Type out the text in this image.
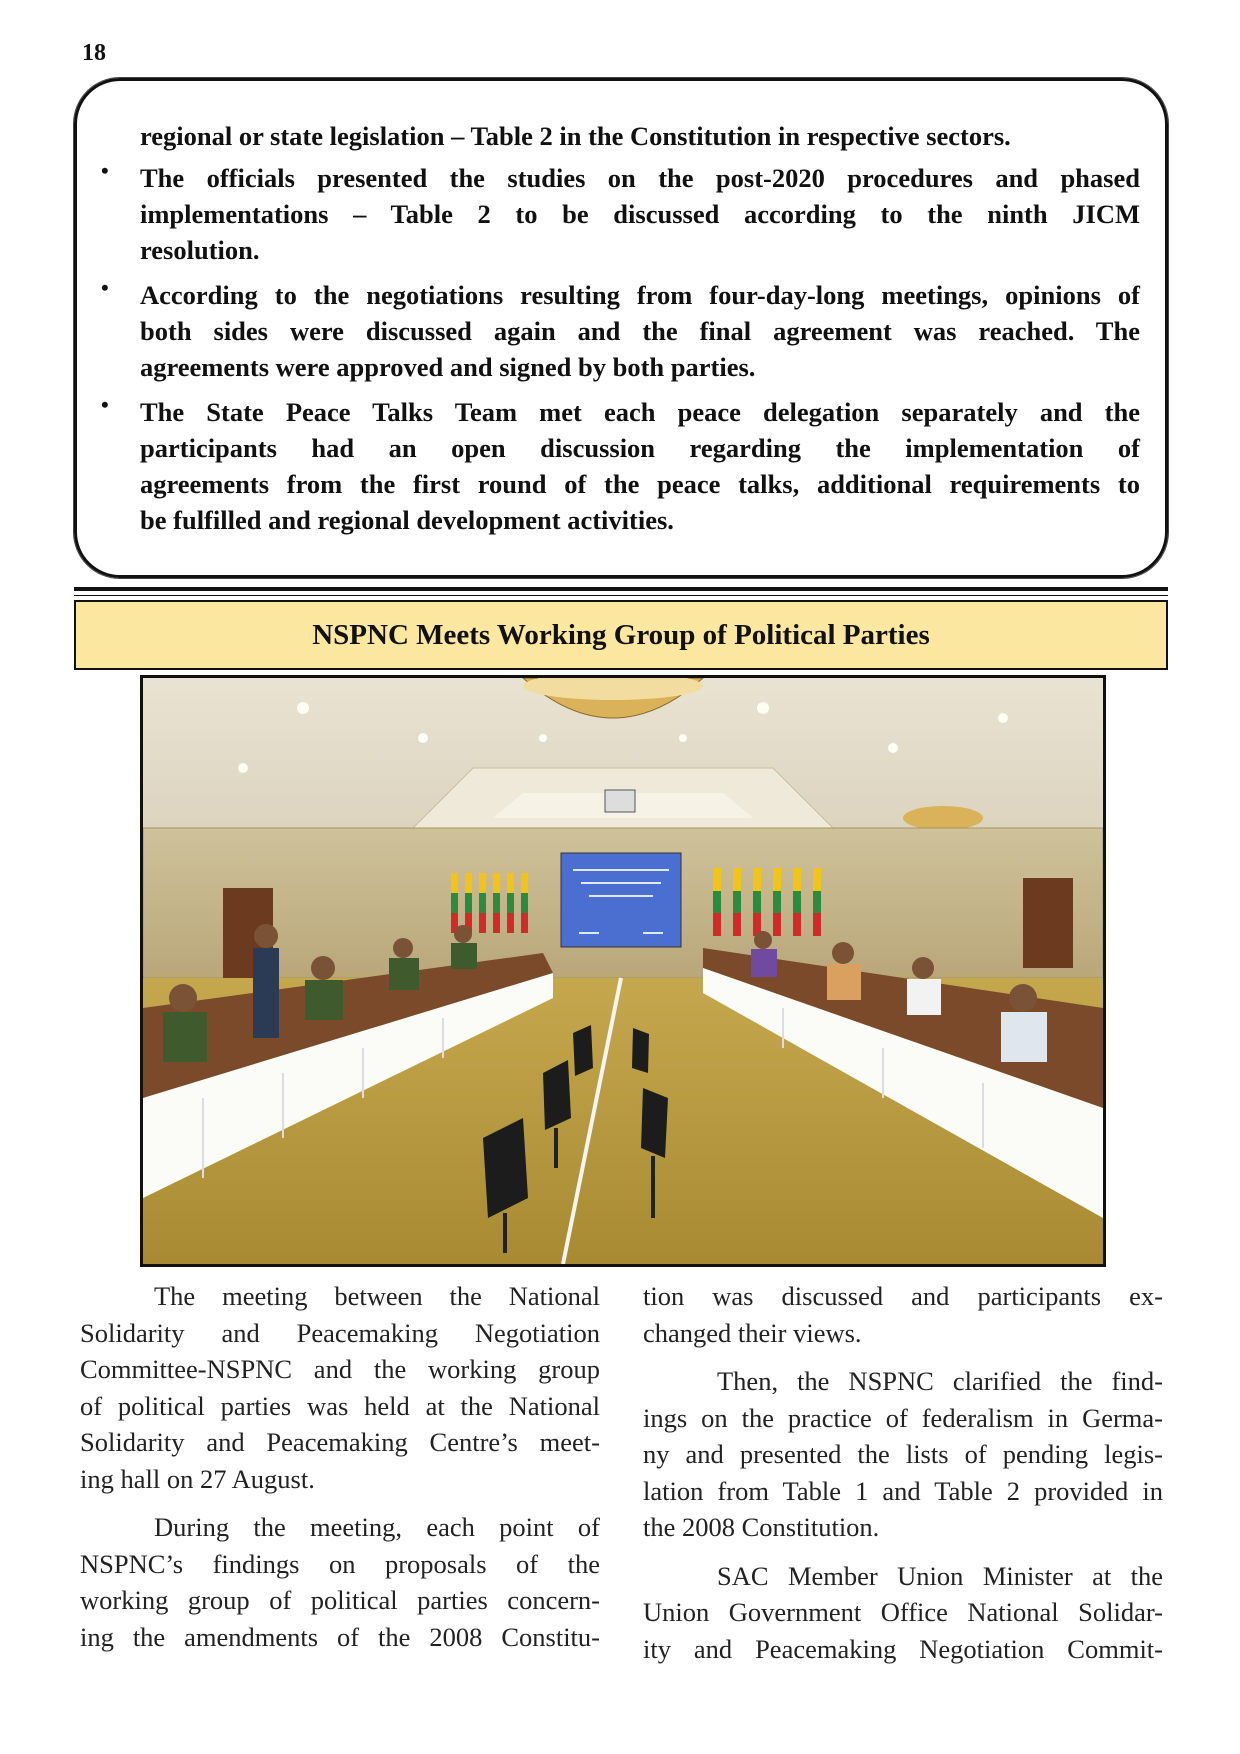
18
regional or state legislation – Table 2 in the Constitution in respective sectors.
• The officials presented the studies on the post-2020 procedures and phased
implementations – Table 2 to be discussed according to the ninth JICM
resolution.
• According to the negotiations resulting from four-day-long meetings, opinions of
both sides were discussed again and the final agreement was reached. The
agreements were approved and signed by both parties.
• The State Peace Talks Team met each peace delegation separately and the
participants had an open discussion regarding the implementation of
agreements from the first round of the peace talks, additional requirements to
be fulfilled and regional development activities.
NSPNC Meets Working Group of Political Parties
The meeting between the National
Solidarity and Peacemaking Negotiation
Committee-NSPNC and the working group
of political parties was held at the National
Solidarity and Peacemaking Centre’s meet-
ing hall on 27 August.
During the meeting, each point of
NSPNC’s findings on proposals of the
working group of political parties concern-
ing the amendments of the 2008 Constitu-
tion was discussed and participants ex-
changed their views.
Then, the NSPNC clarified the find-
ings on the practice of federalism in Germa-
ny and presented the lists of pending legis-
lation from Table 1 and Table 2 provided in
the 2008 Constitution.
SAC Member Union Minister at the
Union Government Office National Solidar-
ity and Peacemaking Negotiation Commit-
